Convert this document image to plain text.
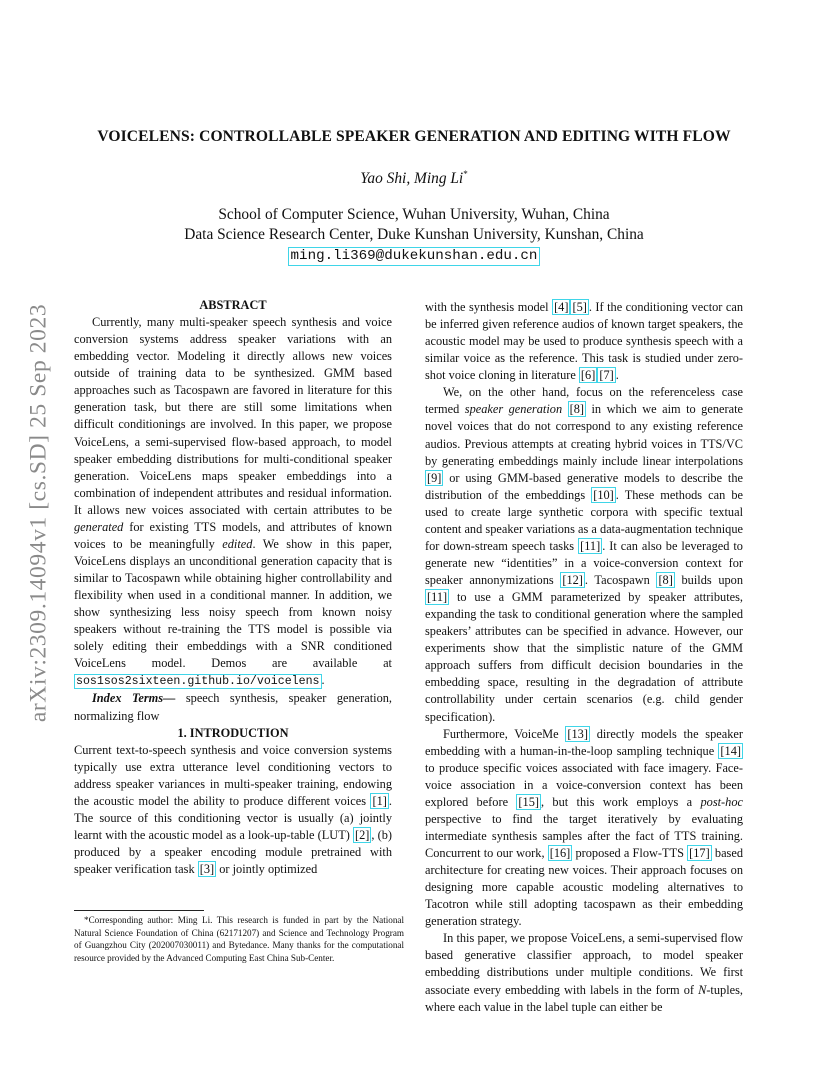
arXiv:2309.14094v1 [cs.SD] 25 Sep 2023
VOICELENS: CONTROLLABLE SPEAKER GENERATION AND EDITING WITH FLOW
Yao Shi, Ming Li*
School of Computer Science, Wuhan University, Wuhan, China
Data Science Research Center, Duke Kunshan University, Kunshan, China
ming.li369@dukekunshan.edu.cn

ABSTRACT

Currently, many multi-speaker speech synthesis and voice conversion systems address speaker variations with an embedding vector. Modeling it directly allows new voices outside of training data to be synthesized. GMM based approaches such as Tacospawn are favored in literature for this generation task, but there are still some limitations when difficult conditionings are involved. In this paper, we propose VoiceLens, a semi-supervised flow-based approach, to model speaker embedding distributions for multi-conditional speaker generation. VoiceLens maps speaker embeddings into a combination of independent attributes and residual information. It allows new voices associated with certain attributes to be generated for existing TTS models, and attributes of known voices to be meaningfully edited. We show in this paper, VoiceLens displays an unconditional generation capacity that is similar to Tacospawn while obtaining higher controllability and flexibility when used in a conditional manner. In addition, we show synthesizing less noisy speech from known noisy speakers without re-training the TTS model is possible via solely editing their embeddings with a SNR conditioned VoiceLens model. Demos are available at sos1sos2sixteen.github.io/voicelens .

Index Terms— speech synthesis, speaker generation, normalizing flow

1. INTRODUCTION

Current text-to-speech synthesis and voice conversion systems typically use extra utterance level conditioning vectors to address speaker variances in multi-speaker training, endowing the acoustic model the ability to produce different voices [1] . The source of this conditioning vector is usually (a) jointly learnt with the acoustic model as a look-up-table (LUT) [2] , (b) produced by a speaker encoding module pretrained with speaker verification task [3] or jointly optimized

*Corresponding author: Ming Li. This research is funded in part by the National Natural Science Foundation of China (62171207) and Science and Technology Program of Guangzhou City (202007030011) and Bytedance. Many thanks for the computational resource provided by the Advanced Computing East China Sub-Center.

with the synthesis model [4] [5] . If the conditioning vector can be inferred given reference audios of known target speakers, the acoustic model may be used to produce synthesis speech with a similar voice as the reference. This task is studied under zero-shot voice cloning in literature [6] [7] .

We, on the other hand, focus on the referenceless case termed speaker generation [8] in which we aim to generate novel voices that do not correspond to any existing reference audios. Previous attempts at creating hybrid voices in TTS/VC by generating embeddings mainly include linear interpolations [9] or using GMM-based generative models to describe the distribution of the embeddings [10] . These methods can be used to create large synthetic corpora with specific textual content and speaker variations as a data-augmentation technique for down-stream speech tasks [11] . It can also be leveraged to generate new “identities” in a voice-conversion context for speaker annonymizations [12] . Tacospawn [8] builds upon [11] to use a GMM parameterized by speaker attributes, expanding the task to conditional generation where the sampled speakers’ attributes can be specified in advance. However, our experiments show that the simplistic nature of the GMM approach suffers from difficult decision boundaries in the embedding space, resulting in the degradation of attribute controllability under certain scenarios (e.g. child gender specification).

Furthermore, VoiceMe [13] directly models the speaker embedding with a human-in-the-loop sampling technique [14] to produce specific voices associated with face imagery. Face-voice association in a voice-conversion context has been explored before [15] , but this work employs a post-hoc perspective to find the target iteratively by evaluating intermediate synthesis samples after the fact of TTS training. Concurrent to our work, [16] proposed a Flow-TTS [17] based architecture for creating new voices. Their approach focuses on designing more capable acoustic modeling alternatives to Tacotron while still adopting tacospawn as their embedding generation strategy.

In this paper, we propose VoiceLens, a semi-supervised flow based generative classifier approach, to model speaker embedding distributions under multiple conditions. We first associate every embedding with labels in the form of N-tuples, where each value in the label tuple can either be
